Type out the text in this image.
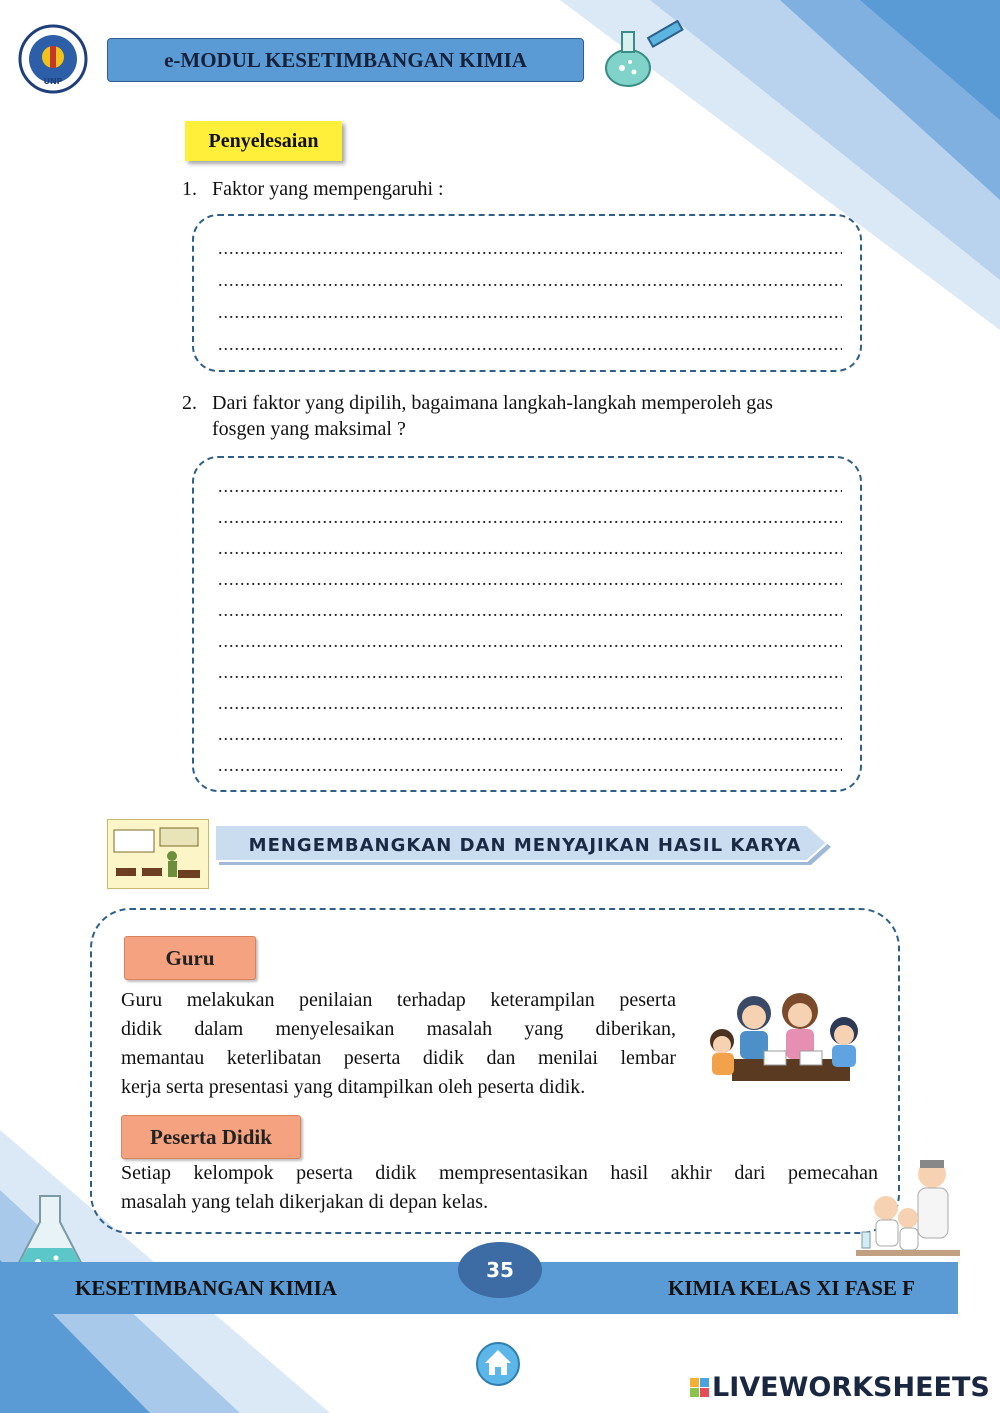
UNP
e-MODUL KESETIMBANGAN KIMIA
Penyelesaian
1. Faktor yang mempengaruhi :
.....
.....
.....
.....
2. Dari faktor yang dipilih, bagaimana langkah-langkah memperoleh gas
fosgen yang maksimal ?
.....
.....
.....
.....
.....
.....
.....
.....
.....
.....
MENGEMBANGKAN DAN MENYAJIKAN HASIL KARYA
Guru
Guru melakukan penilaian terhadap keterampilan peserta
didik dalam menyelesaikan masalah yang diberikan,
memantau keterlibatan peserta didik dan menilai lembar
kerja serta presentasi yang ditampilkan oleh peserta didik.
Peserta Didik
Setiap kelompok peserta didik mempresentasikan hasil akhir dari pemecahan
masalah yang telah dikerjakan di depan kelas.
KESETIMBANGAN KIMIA	KIMIA KELAS XI FASE F
35
LIVEWORKSHEETS
